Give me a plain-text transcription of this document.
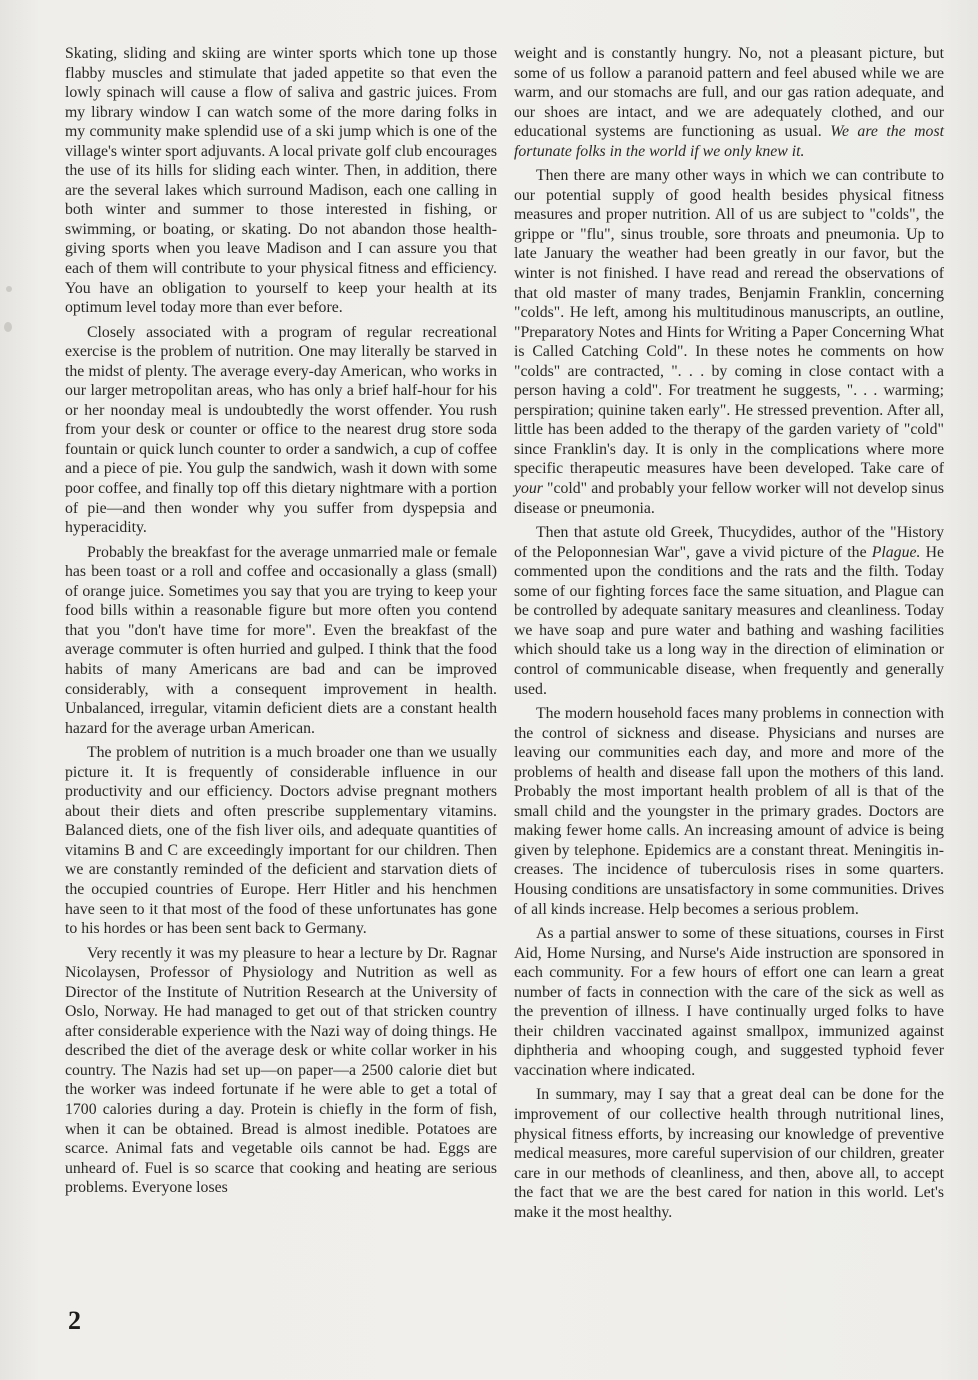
Skating, sliding and skiing are winter sports which tone up those flabby muscles and stimulate that jaded appetite so that even the lowly spinach will cause a flow of saliva and gastric juices. From my library window I can watch some of the more daring folks in my community make splendid use of a ski jump which is one of the village's winter sport adjuvants. A local private golf club encourages the use of its hills for sliding each winter. Then, in addition, there are the several lakes which surround Madison, each one calling in both winter and summer to those interested in fishing, or swimming, or boating, or skating. Do not abandon those health-giving sports when you leave Madison and I can assure you that each of them will contribute to your physical fitness and efficiency. You have an obligation to yourself to keep your health at its optimum level today more than ever before.

Closely associated with a program of regular recreational exercise is the problem of nutrition. One may literally be starved in the midst of plenty. The average every-day American, who works in our larger metropolitan areas, who has only a brief half-hour for his or her noonday meal is undoubtedly the worst offender. You rush from your desk or counter or office to the nearest drug store soda fountain or quick lunch counter to order a sandwich, a cup of coffee and a piece of pie. You gulp the sandwich, wash it down with some poor coffee, and finally top off this dietary nightmare with a portion of pie—and then wonder why you suffer from dyspepsia and hyperacidity.

Probably the breakfast for the average unmarried male or female has been toast or a roll and coffee and occasionally a glass (small) of orange juice. Sometimes you say that you are trying to keep your food bills within a reasonable figure but more often you contend that you "don't have time for more". Even the breakfast of the average commuter is often hurried and gulped. I think that the food habits of many Americans are bad and can be improved considerably, with a consequent improvement in health. Unbalanced, irregular, vitamin deficient diets are a constant health hazard for the average urban American.

The problem of nutrition is a much broader one than we usually picture it. It is frequently of considerable influence in our productivity and our efficiency. Doctors advise pregnant mothers about their diets and often prescribe supplementary vitamins. Balanced diets, one of the fish liver oils, and adequate quantities of vitamins B and C are exceedingly important for our children. Then we are constantly reminded of the deficient and starvation diets of the occupied countries of Europe. Herr Hitler and his henchmen have seen to it that most of the food of these unfortunates has gone to his hordes or has been sent back to Germany.

Very recently it was my pleasure to hear a lecture by Dr. Ragnar Nicolaysen, Professor of Physiology and Nutrition as well as Director of the Institute of Nutrition Research at the University of Oslo, Norway. He had managed to get out of that stricken country after considerable experience with the Nazi way of doing things. He described the diet of the average desk or white collar worker in his country. The Nazis had set up—on paper—a 2500 calorie diet but the worker was indeed fortunate if he were able to get a total of 1700 calories during a day. Protein is chiefly in the form of fish, when it can be obtained. Bread is almost inedible. Potatoes are scarce. Animal fats and vegetable oils cannot be had. Eggs are unheard of. Fuel is so scarce that cooking and heating are serious problems. Everyone loses

weight and is constantly hungry. No, not a pleasant picture, but some of us follow a paranoid pattern and feel abused while we are warm, and our stomachs are full, and our gas ration adequate, and our shoes are intact, and we are adequately clothed, and our educational systems are functioning as usual. We are the most fortunate folks in the world if we only knew it.

Then there are many other ways in which we can contribute to our potential supply of good health besides physical fitness measures and proper nutrition. All of us are subject to "colds", the grippe or "flu", sinus trouble, sore throats and pneumonia. Up to late January the weather had been greatly in our favor, but the winter is not finished. I have read and reread the observations of that old master of many trades, Benjamin Franklin, concerning "colds". He left, among his multitudinous manuscripts, an outline, "Preparatory Notes and Hints for Writing a Paper Concerning What is Called Catching Cold". In these notes he comments on how "colds" are contracted, ". . . by coming in close contact with a person having a cold". For treatment he suggests, ". . . warming; perspiration; quinine taken early". He stressed prevention. After all, little has been added to the therapy of the garden variety of "cold" since Franklin's day. It is only in the complications where more specific therapeutic measures have been developed. Take care of your "cold" and probably your fellow worker will not develop sinus disease or pneumonia.

Then that astute old Greek, Thucydides, author of the "History of the Peloponnesian War", gave a vivid picture of the Plague. He commented upon the conditions and the rats and the filth. Today some of our fighting forces face the same situation, and Plague can be controlled by adequate sanitary measures and cleanliness. Today we have soap and pure water and bathing and washing facilities which should take us a long way in the direction of elimination or control of communicable disease, when frequently and generally used.

The modern household faces many problems in connection with the control of sickness and disease. Physicians and nurses are leaving our communities each day, and more and more of the problems of health and disease fall upon the mothers of this land. Probably the most important health problem of all is that of the small child and the youngster in the primary grades. Doctors are making fewer home calls. An increasing amount of advice is being given by telephone. Epidemics are a constant threat. Meningitis increases. The incidence of tuberculosis rises in some quarters. Housing conditions are unsatisfactory in some communities. Drives of all kinds increase. Help becomes a serious problem.

As a partial answer to some of these situations, courses in First Aid, Home Nursing, and Nurse's Aide instruction are sponsored in each community. For a few hours of effort one can learn a great number of facts in connection with the care of the sick as well as the prevention of illness. I have continually urged folks to have their children vaccinated against smallpox, immunized against diphtheria and whooping cough, and suggested typhoid fever vaccination where indicated.

In summary, may I say that a great deal can be done for the improvement of our collective health through nutritional lines, physical fitness efforts, by increasing our knowledge of preventive medical measures, more careful supervision of our children, greater care in our methods of cleanliness, and then, above all, to accept the fact that we are the best cared for nation in this world. Let's make it the most healthy.

2
